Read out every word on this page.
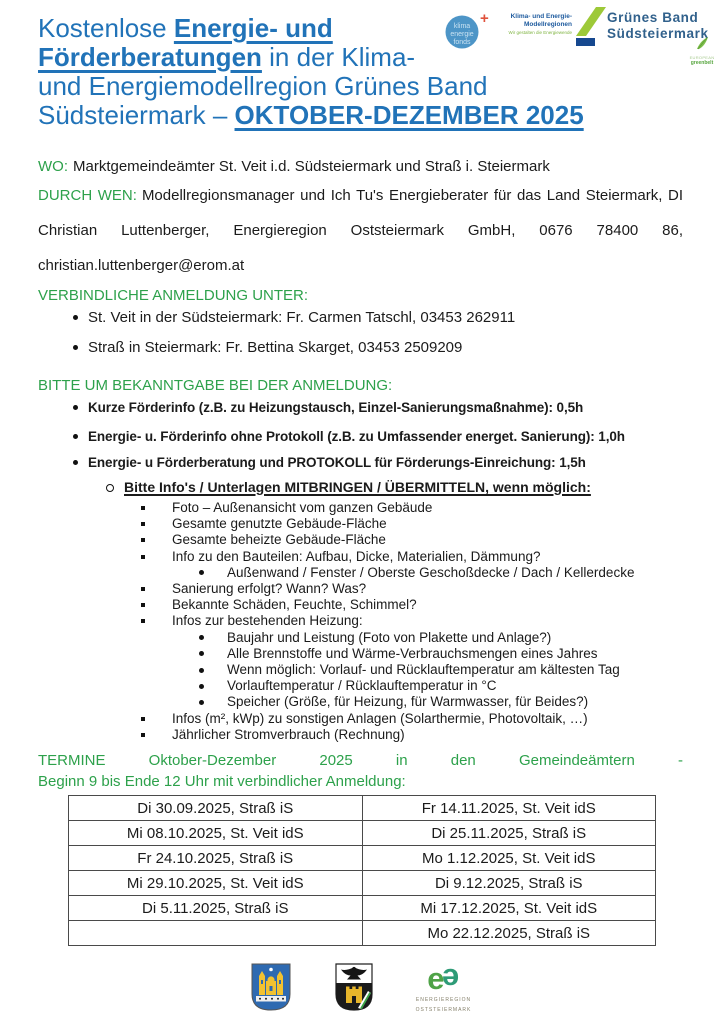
klima
energie
fonds
+	Klima- und Energie-
Modellregionen
Wir gestalten die Energiewende
Grünes Band
Südsteiermark
EUROPEAN
greenbelt
Kostenlose Energie- und
Förderberatungen in der Klima-
und Energiemodellregion Grünes Band
Südsteiermark – OKTOBER-DEZEMBER 2025

WO: Marktgemeindeämter St. Veit i.d. Südsteiermark und Straß i. Steiermark

DURCH WEN: Modellregionsmanager und Ich Tu's Energieberater für das Land Steiermark, DI Christian Luttenberger, Energieregion Oststeiermark GmbH, 0676 78400 86, christian.luttenberger@erom.at

VERBINDLICHE ANMELDUNG UNTER:
St. Veit in der Südsteiermark: Fr. Carmen Tatschl, 03453 262911
Straß in Steiermark: Fr. Bettina Skarget, 03453 2509209
BITTE UM BEKANNTGABE BEI DER ANMELDUNG:
Kurze Förderinfo (z.B. zu Heizungstausch, Einzel-Sanierungsmaßnahme): 0,5h
Energie- u. Förderinfo ohne Protokoll (z.B. zu Umfassender energet. Sanierung): 1,0h
Energie- u Förderberatung und PROTOKOLL für Förderungs-Einreichung: 1,5h
Bitte Info's / Unterlagen MITBRINGEN / ÜBERMITTELN, wenn möglich:
Foto – Außenansicht vom ganzen Gebäude
Gesamte genutzte Gebäude-Fläche
Gesamte beheizte Gebäude-Fläche
Info zu den Bauteilen: Aufbau, Dicke, Materialien, Dämmung?
Außenwand / Fenster / Oberste Geschoßdecke / Dach / Kellerdecke
Sanierung erfolgt? Wann? Was?
Bekannte Schäden, Feuchte, Schimmel?
Infos zur bestehenden Heizung:
Baujahr und Leistung (Foto von Plakette und Anlage?)
Alle Brennstoffe und Wärme-Verbrauchsmengen eines Jahres
Wenn möglich: Vorlauf- und Rücklauftemperatur am kältesten Tag
Vorlauftemperatur / Rücklauftemperatur in °C
Speicher (Größe, für Heizung, für Warmwasser, für Beides?)
Infos (m², kWp) zu sonstigen Anlagen (Solarthermie, Photovoltaik, …)
Jährlicher Stromverbrauch (Rechnung)
TERMINE Oktober-Dezember 2025 in den Gemeindeämtern -
Beginn 9 bis Ende 12 Uhr mit verbindlicher Anmeldung:
Di 30.09.2025, Straß iS	Fr 14.11.2025, St. Veit idS
Mi 08.10.2025, St. Veit idS	Di 25.11.2025, Straß iS
Fr 24.10.2025, Straß iS	Mo 1.12.2025, St. Veit idS
Mi 29.10.2025, St. Veit idS	Di 9.12.2025, Straß iS
Di 5.11.2025, Straß iS	Mi 17.12.2025, St. Veit idS
	Mo 22.12.2025, Straß iS
ee
ENERGIEREGION
OSTSTEIERMARK
